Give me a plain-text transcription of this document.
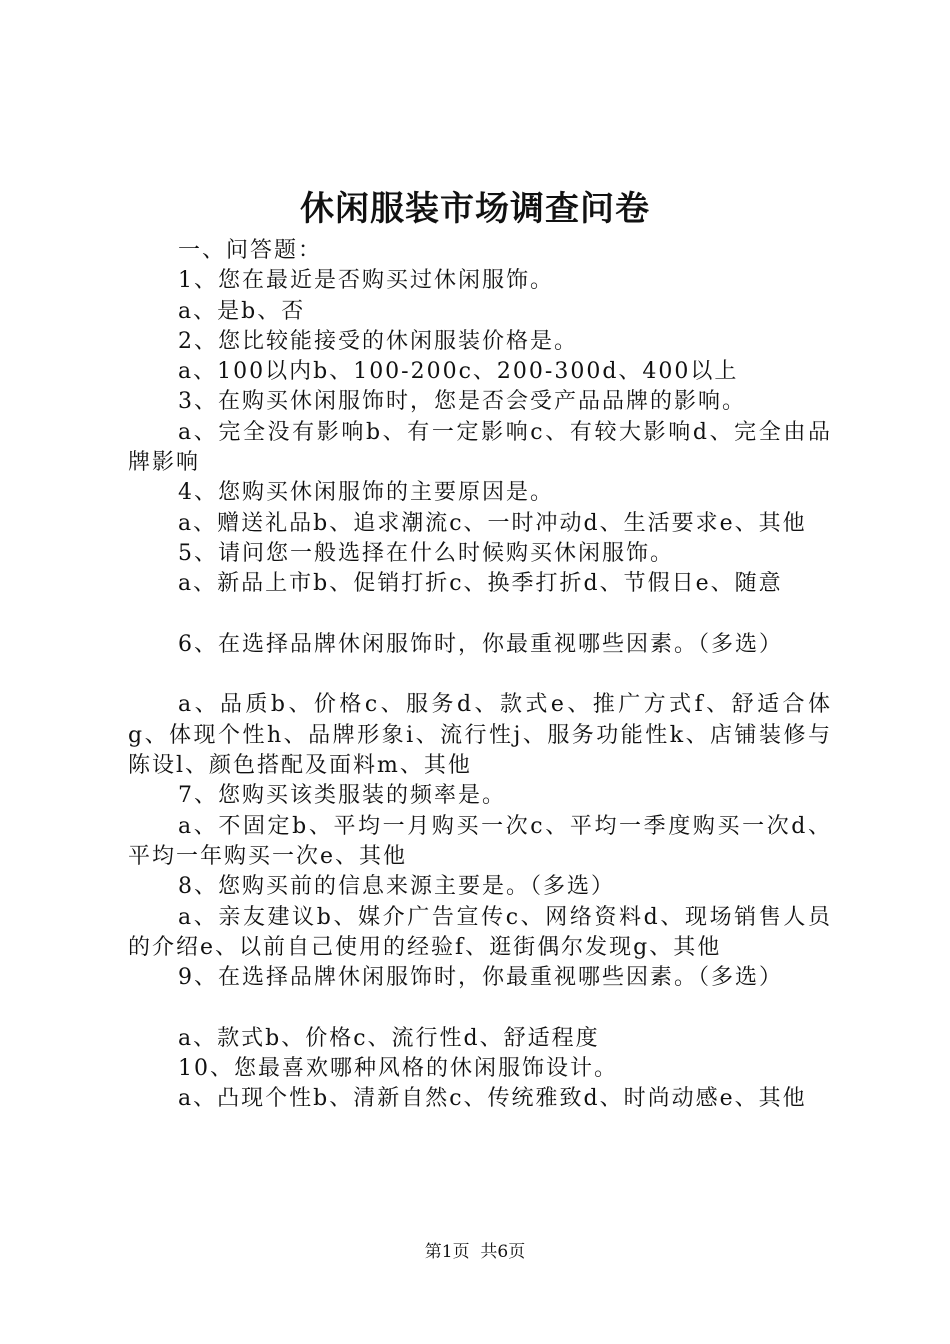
休闲服装市场调查问卷

一、问答题：

1、您在最近是否购买过休闲服饰。

a、是b、否

2、您比较能接受的休闲服装价格是。

a、100以内b、100-200c、200-300d、400以上

3、在购买休闲服饰时，您是否会受产品品牌的影响。

a、完全没有影响b、有一定影响c、有较大影响d、完全由品牌影响

4、您购买休闲服饰的主要原因是。

a、赠送礼品b、追求潮流c、一时冲动d、生活要求e、其他

5、请问您一般选择在什么时候购买休闲服饰。

a、新品上市b、促销打折c、换季打折d、节假日e、随意

6、在选择品牌休闲服饰时，你最重视哪些因素。（多选）

a、品质b、价格c、服务d、款式e、推广方式f、舒适合体g、体现个性h、品牌形象i、流行性j、服务功能性k、店铺装修与陈设l、颜色搭配及面料m、其他

7、您购买该类服装的频率是。

a、不固定b、平均一月购买一次c、平均一季度购买一次d、平均一年购买一次e、其他

8、您购买前的信息来源主要是。（多选）

a、亲友建议b、媒介广告宣传c、网络资料d、现场销售人员的介绍e、以前自己使用的经验f、逛街偶尔发现g、其他

9、在选择品牌休闲服饰时，你最重视哪些因素。（多选）

a、款式b、价格c、流行性d、舒适程度

10、您最喜欢哪种风格的休闲服饰设计。

a、凸现个性b、清新自然c、传统雅致d、时尚动感e、其他

第1页 共6页
